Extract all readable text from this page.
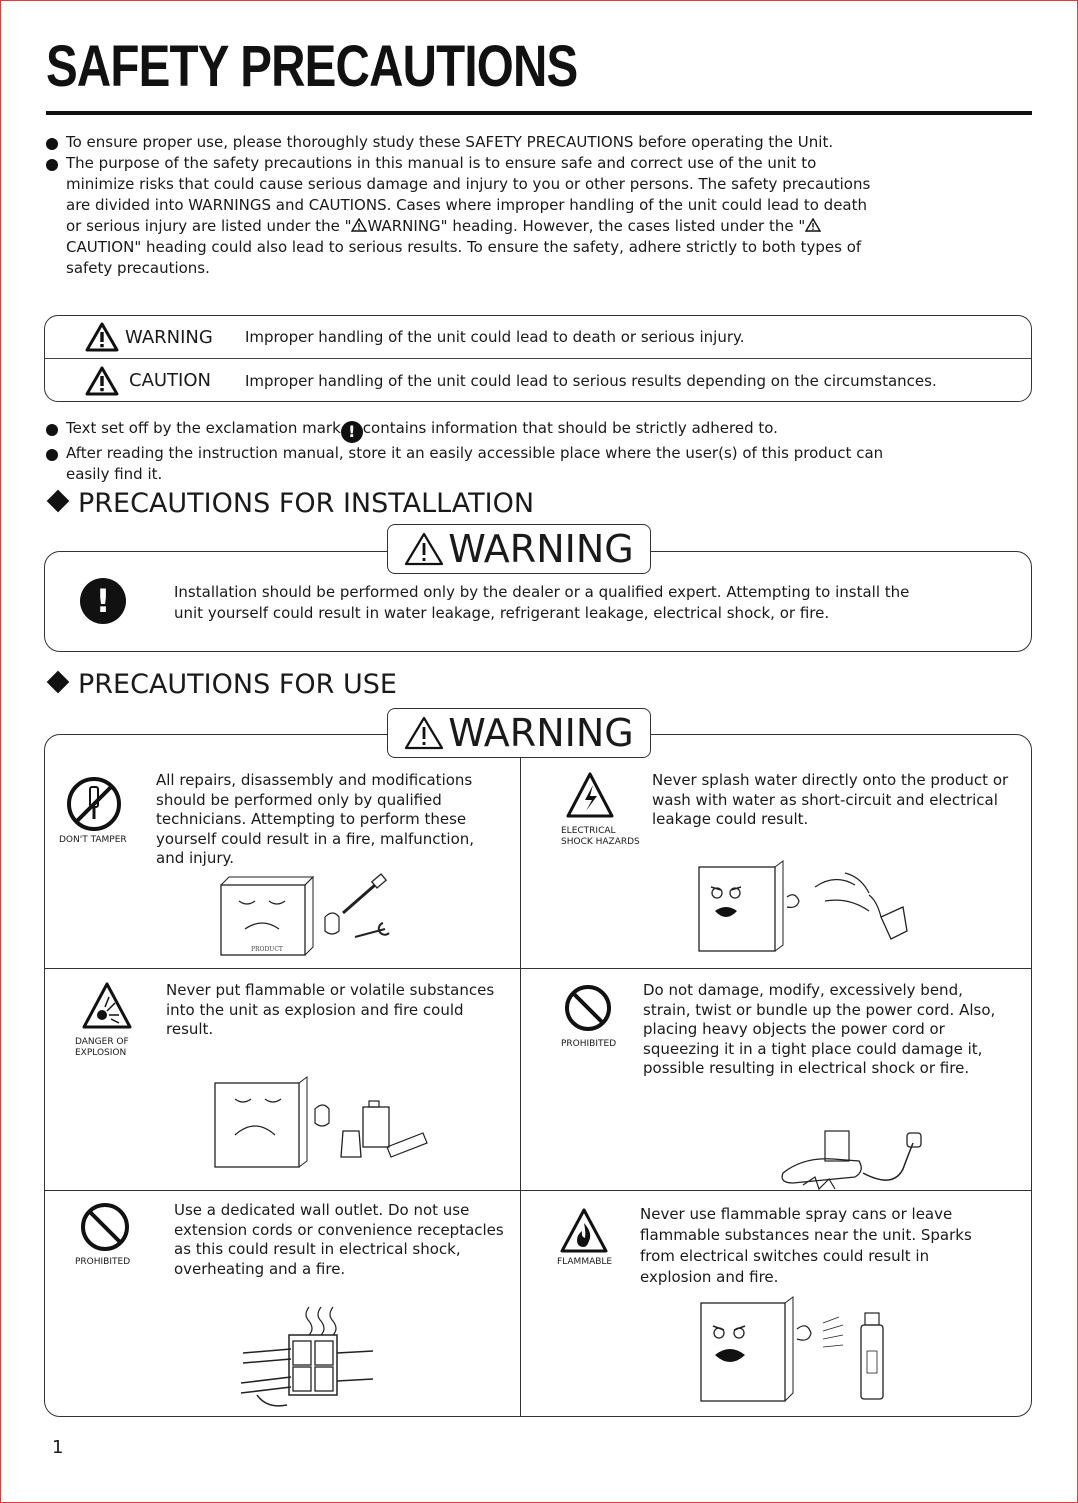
SAFETY PRECAUTIONS
To ensure proper use, please thoroughly study these SAFETY PRECAUTIONS before operating the Unit.
The purpose of the safety precautions in this manual is to ensure safe and correct use of the unit to minimize risks that could cause serious damage and injury to you or other persons. The safety precautions are divided into WARNINGS and CAUTIONS. Cases where improper handling of the unit could lead to death or serious injury are listed under the " WARNING" heading. However, the cases listed under the "CAUTION" heading could also lead to serious results. To ensure the safety, adhere strictly to both types of safety precautions.
WARNING Improper handling of the unit could lead to death or serious injury.
CAUTION Improper handling of the unit could lead to serious results depending on the circumstances.
Text set off by the exclamation mark ! contains information that should be strictly adhered to.
After reading the instruction manual, store it an easily accessible place where the user(s) of this product can easily find it.
PRECAUTIONS FOR INSTALLATION
!	Installation should be performed only by the dealer or a qualified expert. Attempting to install the unit yourself could result in water leakage, refrigerant leakage, electrical shock, or fire.
WARNING
PRECAUTIONS FOR USE
DON'T TAMPER
All repairs, disassembly and modifications should be performed only by qualified technicians. Attempting to perform these yourself could result in a fire, malfunction, and injury.
PRODUCT
ELECTRICAL SHOCK HAZARDS
Never splash water directly onto the product or wash with water as short-circuit and electrical leakage could result.
DANGER OF EXPLOSION
Never put flammable or volatile substances into the unit as explosion and fire could result.
PROHIBITED
Do not damage, modify, excessively bend, strain, twist or bundle up the power cord. Also, placing heavy objects the power cord or squeezing it in a tight place could damage it, possible resulting in electrical shock or fire.
PROHIBITED
Use a dedicated wall outlet. Do not use extension cords or convenience receptacles as this could result in electrical shock, overheating and a fire.	FLAMMABLE
Never use flammable spray cans or leave flammable substances near the unit. Sparks from electrical switches could result in explosion and fire.
WARNING
1
